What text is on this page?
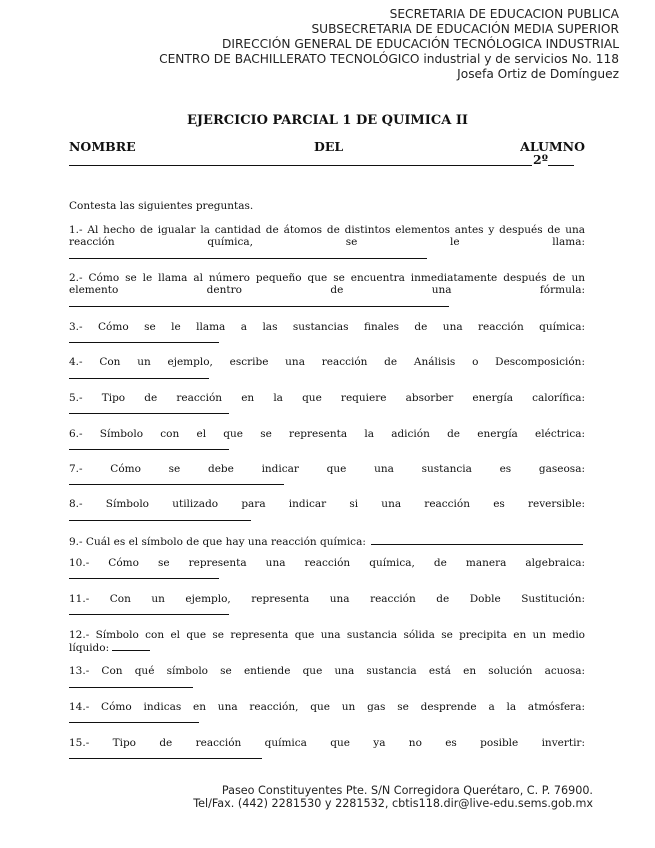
SECRETARIA DE EDUCACION PUBLICA
SUBSECRETARIA DE EDUCACIÓN MEDIA SUPERIOR
DIRECCIÓN GENERAL DE EDUCACIÓN TECNÓLOGICA INDUSTRIAL
CENTRO DE BACHILLERATO TECNOLÓGICO industrial y de servicios No. 118
Josefa Ortiz de Domínguez
EJERCICIO PARCIAL 1 DE QUIMICA II
NOMBRE	DEL	ALUMNO
2º
Contesta las siguientes preguntas.
1.- Al hecho de igualar la cantidad de átomos de distintos elementos antes y después de una
reacción química, se le llama:
2.- Cómo se le llama al número pequeño que se encuentra inmediatamente después de un
elemento dentro de una fórmula:
3.- Cómo se le llama a las sustancias finales de una reacción química:
4.- Con un ejemplo, escribe una reacción de Análisis o Descomposición:
5.- Tipo de reacción en la que requiere absorber energía calorífica:
6.- Símbolo con el que se representa la adición de energía eléctrica:
7.- Cómo se debe indicar que una sustancia es gaseosa:
8.- Símbolo utilizado para indicar si una reacción es reversible:
9.- Cuál es el símbolo de que hay una reacción química:
10.- Cómo se representa una reacción química, de manera algebraica:
11.- Con un ejemplo, representa una reacción de Doble Sustitución:
12.- Símbolo con el que se representa que una sustancia sólida se precipita en un medio
líquido:
13.- Con qué símbolo se entiende que una sustancia está en solución acuosa:
14.- Cómo indicas en una reacción, que un gas se desprende a la atmósfera:
15.- Tipo de reacción química que ya no es posible invertir:
Paseo Constituyentes Pte. S/N Corregidora Querétaro, C. P. 76900.
Tel/Fax. (442) 2281530 y 2281532, cbtis118.dir@live-edu.sems.gob.mx
